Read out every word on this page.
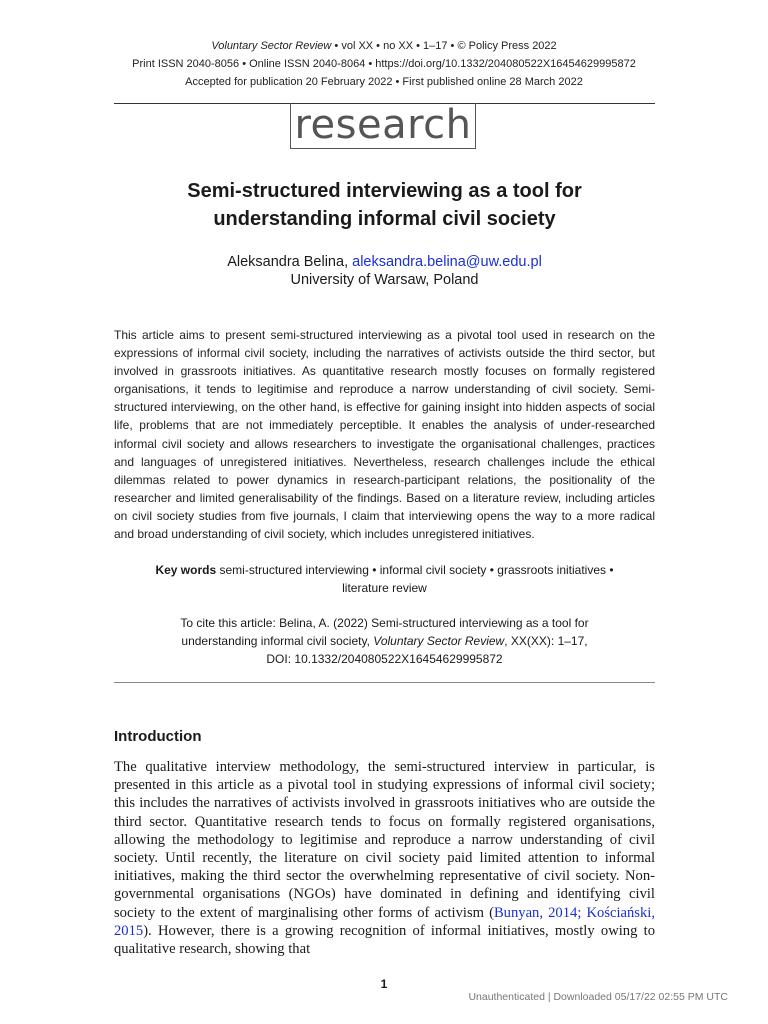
Voluntary Sector Review • vol XX • no XX • 1–17 • © Policy Press 2022
Print ISSN 2040-8056 • Online ISSN 2040-8064 • https://doi.org/10.1332/204080522X16454629995872
Accepted for publication 20 February 2022 • First published online 28 March 2022
research
Semi-structured interviewing as a tool for
understanding informal civil society
Aleksandra Belina, aleksandra.belina@uw.edu.pl
University of Warsaw, Poland
This article aims to present semi-structured interviewing as a pivotal tool used in research on the expressions of informal civil society, including the narratives of activists outside the third sector, but involved in grassroots initiatives. As quantitative research mostly focuses on formally registered organisations, it tends to legitimise and reproduce a narrow understanding of civil society. Semi-structured interviewing, on the other hand, is effective for gaining insight into hidden aspects of social life, problems that are not immediately perceptible. It enables the analysis of under-researched informal civil society and allows researchers to investigate the organisational challenges, practices and languages of unregistered initiatives. Nevertheless, research challenges include the ethical dilemmas related to power dynamics in research-participant relations, the positionality of the researcher and limited generalisability of the findings. Based on a literature review, including articles on civil society studies from five journals, I claim that interviewing opens the way to a more radical and broad understanding of civil society, which includes unregistered initiatives.
Key words semi-structured interviewing • informal civil society • grassroots initiatives •
literature review
To cite this article: Belina, A. (2022) Semi-structured interviewing as a tool for
understanding informal civil society, Voluntary Sector Review, XX(XX): 1–17,
DOI: 10.1332/204080522X16454629995872
Introduction
The qualitative interview methodology, the semi-structured interview in particular, is presented in this article as a pivotal tool in studying expressions of informal civil society; this includes the narratives of activists involved in grassroots initiatives who are outside the third sector. Quantitative research tends to focus on formally registered organisations, allowing the methodology to legitimise and reproduce a narrow understanding of civil society. Until recently, the literature on civil society paid limited attention to informal initiatives, making the third sector the overwhelming representative of civil society. Non-governmental organisations (NGOs) have dominated in defining and identifying civil society to the extent of marginalising other forms of activism (Bunyan, 2014; Kościański, 2015). However, there is a growing recognition of informal initiatives, mostly owing to qualitative research, showing that
1
Unauthenticated | Downloaded 05/17/22 02:55 PM UTC
